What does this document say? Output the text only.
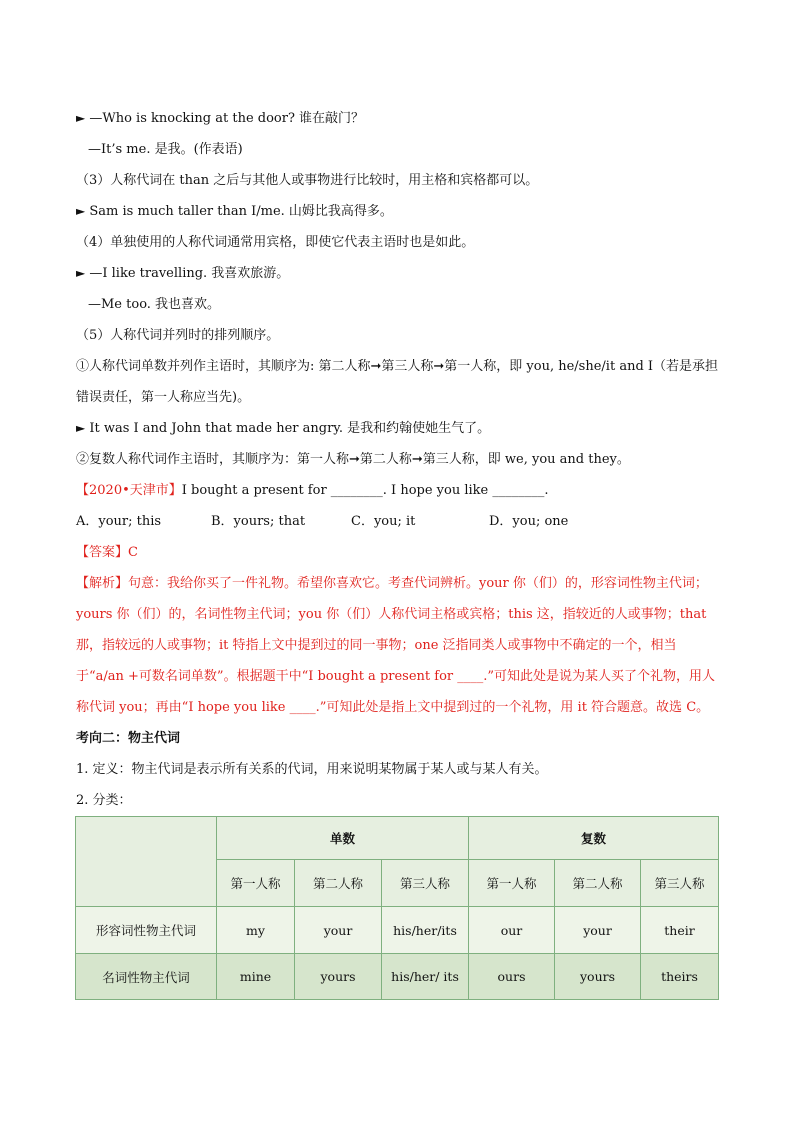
► —Who is knocking at the door? 谁在敲门？
—It’s me. 是我。(作表语)
（3）人称代词在 than 之后与其他人或事物进行比较时，用主格和宾格都可以。
► Sam is much taller than I/me. 山姆比我高得多。
（4）单独使用的人称代词通常用宾格，即使它代表主语时也是如此。
► —I like travelling. 我喜欢旅游。
—Me too. 我也喜欢。
（5）人称代词并列时的排列顺序。
①人称代词单数并列作主语时，其顺序为: 第二人称➞第三人称➞第一人称，即 you, he/she/it and I（若是承担错误责任，第一人称应当先)。
► It was I and John that made her angry. 是我和约翰使她生气了。
②复数人称代词作主语时，其顺序为：第一人称➞第二人称➞第三人称，即 we, you and they。
【2020•天津市】I bought a present for ________. I hope you like ________.
A．your; this	B．yours; that	C．you; it	D．you; one
【答案】C
【解析】句意：我给你买了一件礼物。希望你喜欢它。考查代词辨析。your 你（们）的，形容词性物主代词；yours 你（们）的，名词性物主代词；you 你（们）人称代词主格或宾格；this 这，指较近的人或事物；that 那，指较远的人或事物；it 特指上文中提到过的同一事物；one 泛指同类人或事物中不确定的一个，相当于“a/an +可数名词单数”。根据题干中“I bought a present for ____.”可知此处是说为某人买了个礼物，用人称代词 you；再由“I hope you like ____.”可知此处是指上文中提到过的一个礼物，用 it 符合题意。故选 C。
考向二：物主代词
1. 定义：物主代词是表示所有关系的代词，用来说明某物属于某人或与某人有关。
2. 分类：
	单数			复数		
	第一人称	第二人称	第三人称	第一人称	第二人称	第三人称
形容词性物主代词	my	your	his/her/its	our	your	their
名词性物主代词	mine	yours	his/her/ its	ours	yours	theirs
